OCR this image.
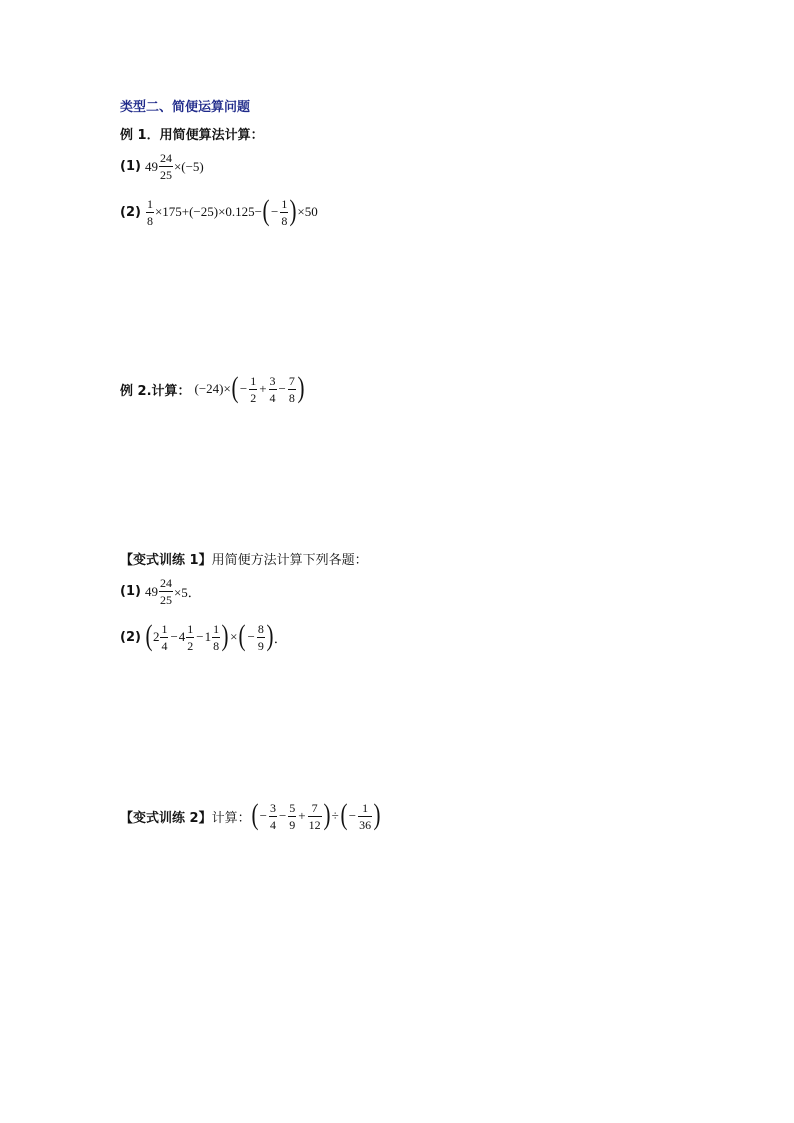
类型二、简便运算问题
例 1．用简便算法计算：
(1) $49 \frac{24}{25} \times(-5)$
$(2) \frac{1}{8} \times 175+(-25)\times 0.125-$ ( − $\frac{1}{8}$ ) ×50
例 2.计算： (−24)× ( − $\frac{1}{2} + \frac{3}{4} - \frac{7}{8}$ )
【变式训练 1】 用简便方法计算下列各题：
(1) $49 \frac{24}{25} \times 5$．
(2) ( $2 \frac{1}{4} - 4 \frac{1}{2} - 1 \frac{1}{8}$ ) × ( − $\frac{8}{9}$ ) ．
【变式训练 2】 计算： ( − $\frac{3}{4} - \frac{5}{9} + \frac{7}{12}$ ) ÷ ( − $\frac{1}{36}$ )
